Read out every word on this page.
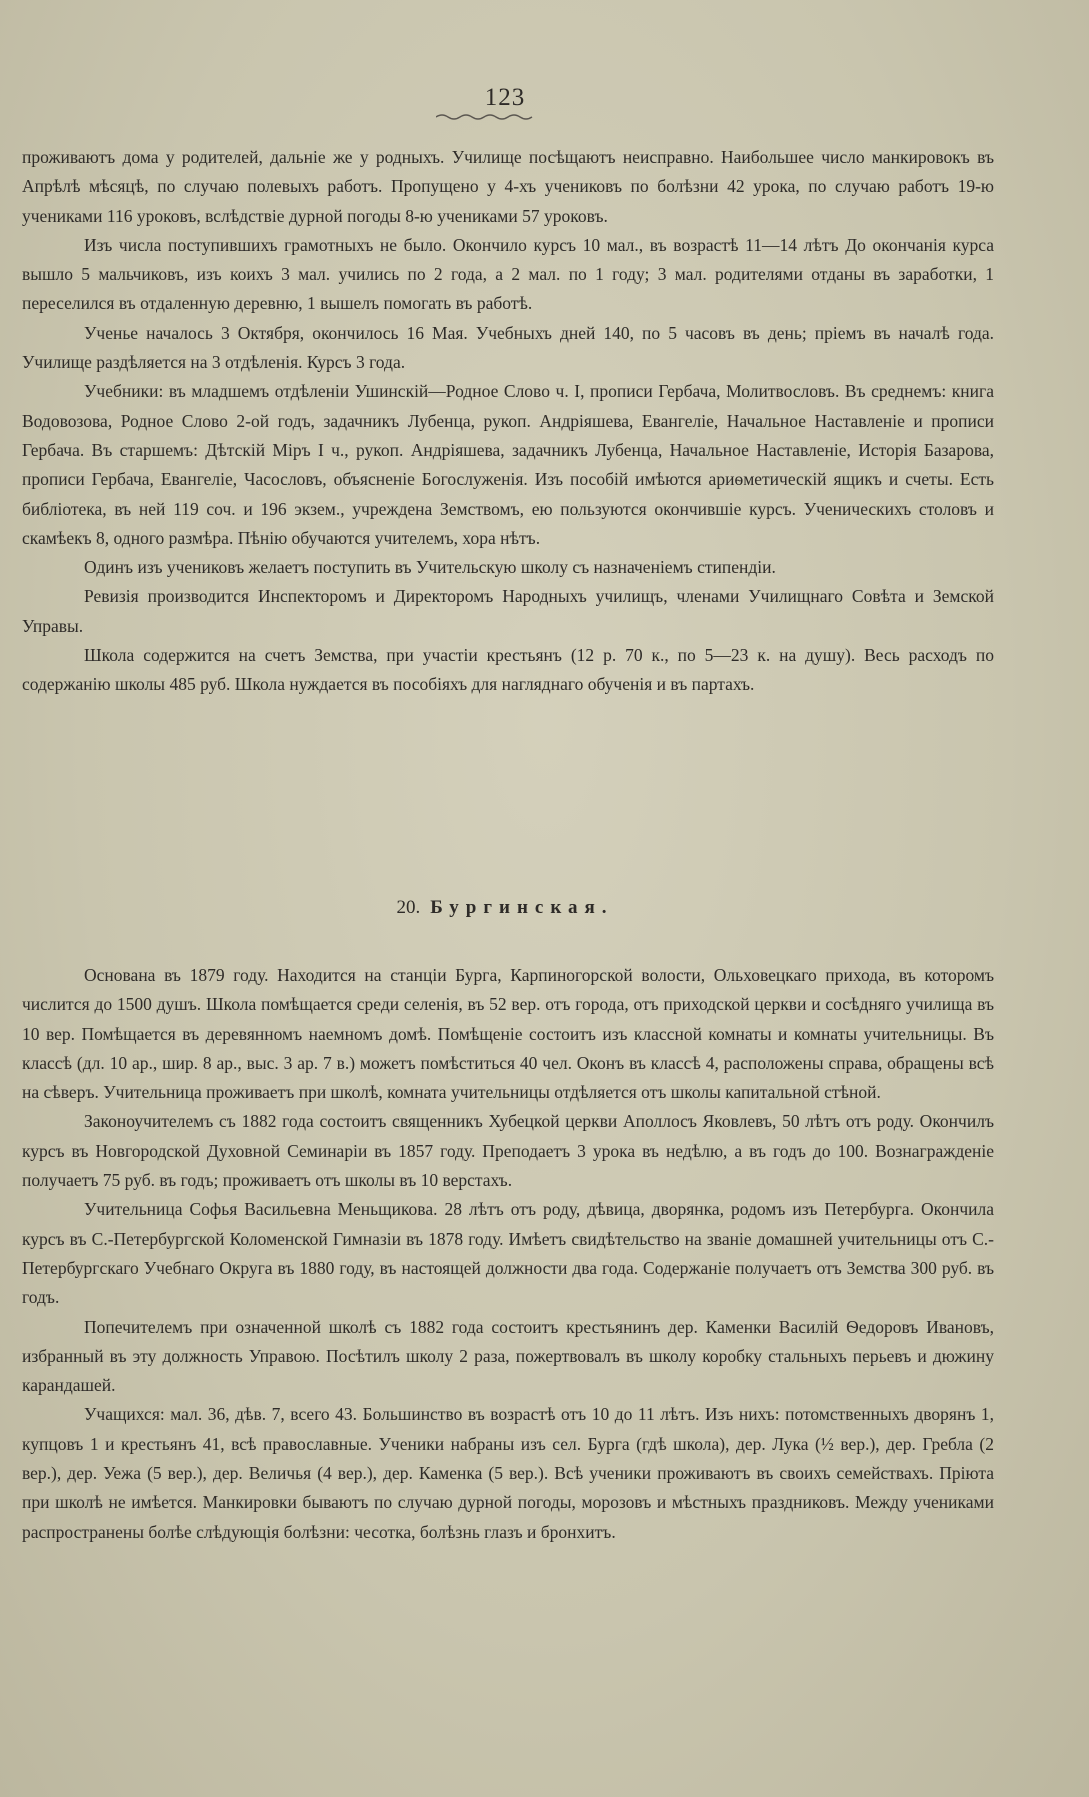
123

проживаютъ дома у родителей, дальніе же у родныхъ. Училище посѣщаютъ неисправно. Наибольшее число манкировокъ въ Апрѣлѣ мѣсяцѣ, по случаю полевыхъ работъ. Пропущено у 4-хъ учениковъ по болѣзни 42 урока, по случаю работъ 19-ю учениками 116 уроковъ, вслѣдствіе дурной погоды 8-ю учениками 57 уроковъ.

Изъ числа поступившихъ грамотныхъ не было. Окончило курсъ 10 мал., въ возрастѣ 11—14 лѣтъ До окончанія курса вышло 5 мальчиковъ, изъ коихъ 3 мал. учились по 2 года, а 2 мал. по 1 году; 3 мал. родителями отданы въ заработки, 1 переселился въ отдаленную деревню, 1 вышелъ помогать въ работѣ.

Ученье началось 3 Октября, окончилось 16 Мая. Учебныхъ дней 140, по 5 часовъ въ день; пріемъ въ началѣ года. Училище раздѣляется на 3 отдѣленія. Курсъ 3 года.

Учебники: въ младшемъ отдѣленіи Ушинскій—Родное Слово ч. I, прописи Гербача, Молитвословъ. Въ среднемъ: книга Водовозова, Родное Слово 2-ой годъ, задачникъ Лубенца, рукоп. Андріяшева, Евангеліе, Начальное Наставленіе и прописи Гербача. Въ старшемъ: Дѣтскій Міръ I ч., рукоп. Андріяшева, задачникъ Лубенца, Начальное Наставленіе, Исторія Базарова, прописи Гербача, Евангеліе, Часословъ, объясненіе Богослуженія. Изъ пособій имѣются ариѳметическій ящикъ и счеты. Есть библіотека, въ ней 119 соч. и 196 экзем., учреждена Земствомъ, ею пользуются окончившіе курсъ. Ученическихъ столовъ и скамѣекъ 8, одного размѣра. Пѣнію обучаются учителемъ, хора нѣтъ.

Одинъ изъ учениковъ желаетъ поступить въ Учительскую школу съ назначеніемъ стипендіи.

Ревизія производится Инспекторомъ и Директоромъ Народныхъ училищъ, членами Училищнаго Совѣта и Земской Управы.

Школа содержится на счетъ Земства, при участіи крестьянъ (12 р. 70 к., по 5—23 к. на душу). Весь расходъ по содержанію школы 485 руб. Школа нуждается въ пособіяхъ для нагляднаго обученія и въ партахъ.

20. Бургинская.

Основана въ 1879 году. Находится на станціи Бурга, Карпиногорской волости, Ольховецкаго прихода, въ которомъ числится до 1500 душъ. Школа помѣщается среди селенія, въ 52 вер. отъ города, отъ приходской церкви и сосѣдняго училища въ 10 вер. Помѣщается въ деревянномъ наемномъ домѣ. Помѣщеніе состоитъ изъ классной комнаты и комнаты учительницы. Въ классѣ (дл. 10 ар., шир. 8 ар., выс. 3 ар. 7 в.) можетъ помѣститься 40 чел. Оконъ въ классѣ 4, расположены справа, обращены всѣ на сѣверъ. Учительница проживаетъ при школѣ, комната учительницы отдѣляется отъ школы капитальной стѣной.

Законоучителемъ съ 1882 года состоитъ священникъ Хубецкой церкви Аполлосъ Яковлевъ, 50 лѣтъ отъ роду. Окончилъ курсъ въ Новгородской Духовной Семинаріи въ 1857 году. Преподаетъ 3 урока въ недѣлю, а въ годъ до 100. Вознагражденіе получаетъ 75 руб. въ годъ; проживаетъ отъ школы въ 10 верстахъ.

Учительница Софья Васильевна Меньщикова. 28 лѣтъ отъ роду, дѣвица, дворянка, родомъ изъ Петербурга. Окончила курсъ въ С.-Петербургской Коломенской Гимназіи въ 1878 году. Имѣетъ свидѣтельство на званіе домашней учительницы отъ С.-Петербургскаго Учебнаго Округа въ 1880 году, въ настоящей должности два года. Содержаніе получаетъ отъ Земства 300 руб. въ годъ.

Попечителемъ при означенной школѣ съ 1882 года состоитъ крестьянинъ дер. Каменки Василій Ѳедоровъ Ивановъ, избранный въ эту должность Управою. Посѣтилъ школу 2 раза, пожертвовалъ въ школу коробку стальныхъ перьевъ и дюжину карандашей.

Учащихся: мал. 36, дѣв. 7, всего 43. Большинство въ возрастѣ отъ 10 до 11 лѣтъ. Изъ нихъ: потомственныхъ дворянъ 1, купцовъ 1 и крестьянъ 41, всѣ православные. Ученики набраны изъ сел. Бурга (гдѣ школа), дер. Лука (½ вер.), дер. Гребла (2 вер.), дер. Уежа (5 вер.), дер. Величья (4 вер.), дер. Каменка (5 вер.). Всѣ ученики проживаютъ въ своихъ семействахъ. Пріюта при школѣ не имѣется. Манкировки бываютъ по случаю дурной погоды, морозовъ и мѣстныхъ праздниковъ. Между учениками распространены болѣе слѣдующія болѣзни: чесотка, болѣзнь глазъ и бронхитъ.
